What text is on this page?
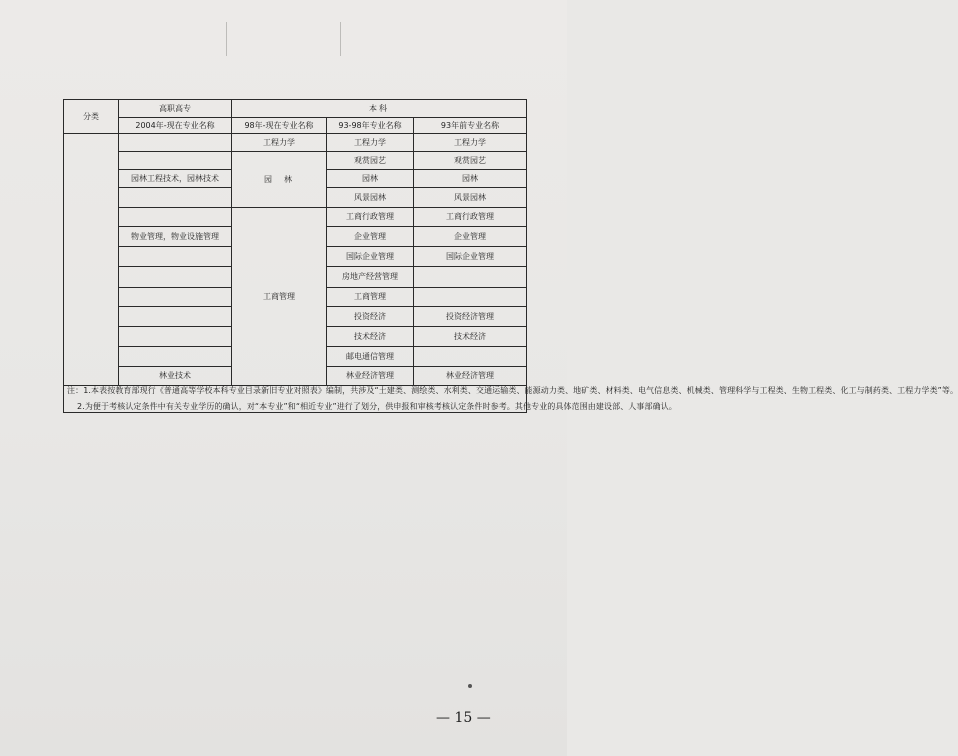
分类	高职高专	本科		
	2004年-现在专业名称	98年-现在专业名称	93-98年专业名称	93年前专业名称
		工程力学	工程力学	工程力学
		园　林	观赏园艺	观赏园艺
	园林工程技术，园林技术		园林	园林
			风景园林	风景园林
		工商管理	工商行政管理	工商行政管理
	物业管理，物业设施管理		企业管理	企业管理
			国际企业管理	国际企业管理
			房地产经营管理	
			工商管理	
			投资经济	投资经济管理
			技术经济	技术经济
			邮电通信管理	
	林业技术		林业经济管理	林业经济管理

注：1.本表按教育部现行《普通高等学校本科专业目录新旧专业对照表》编制，共涉及“土建类、测绘类、水利类、交通运输类、能源动力类、地矿类、材料类、电气信息类、机械类、管理科学与工程类、生物工程类、化工与制药类、工程力学类”等。

2.为便于考核认定条件中有关专业学历的确认，对“本专业”和“相近专业”进行了划分，供申报和审核考核认定条件时参考。其他专业的具体范围由建设部、人事部确认。				

— 15 —
